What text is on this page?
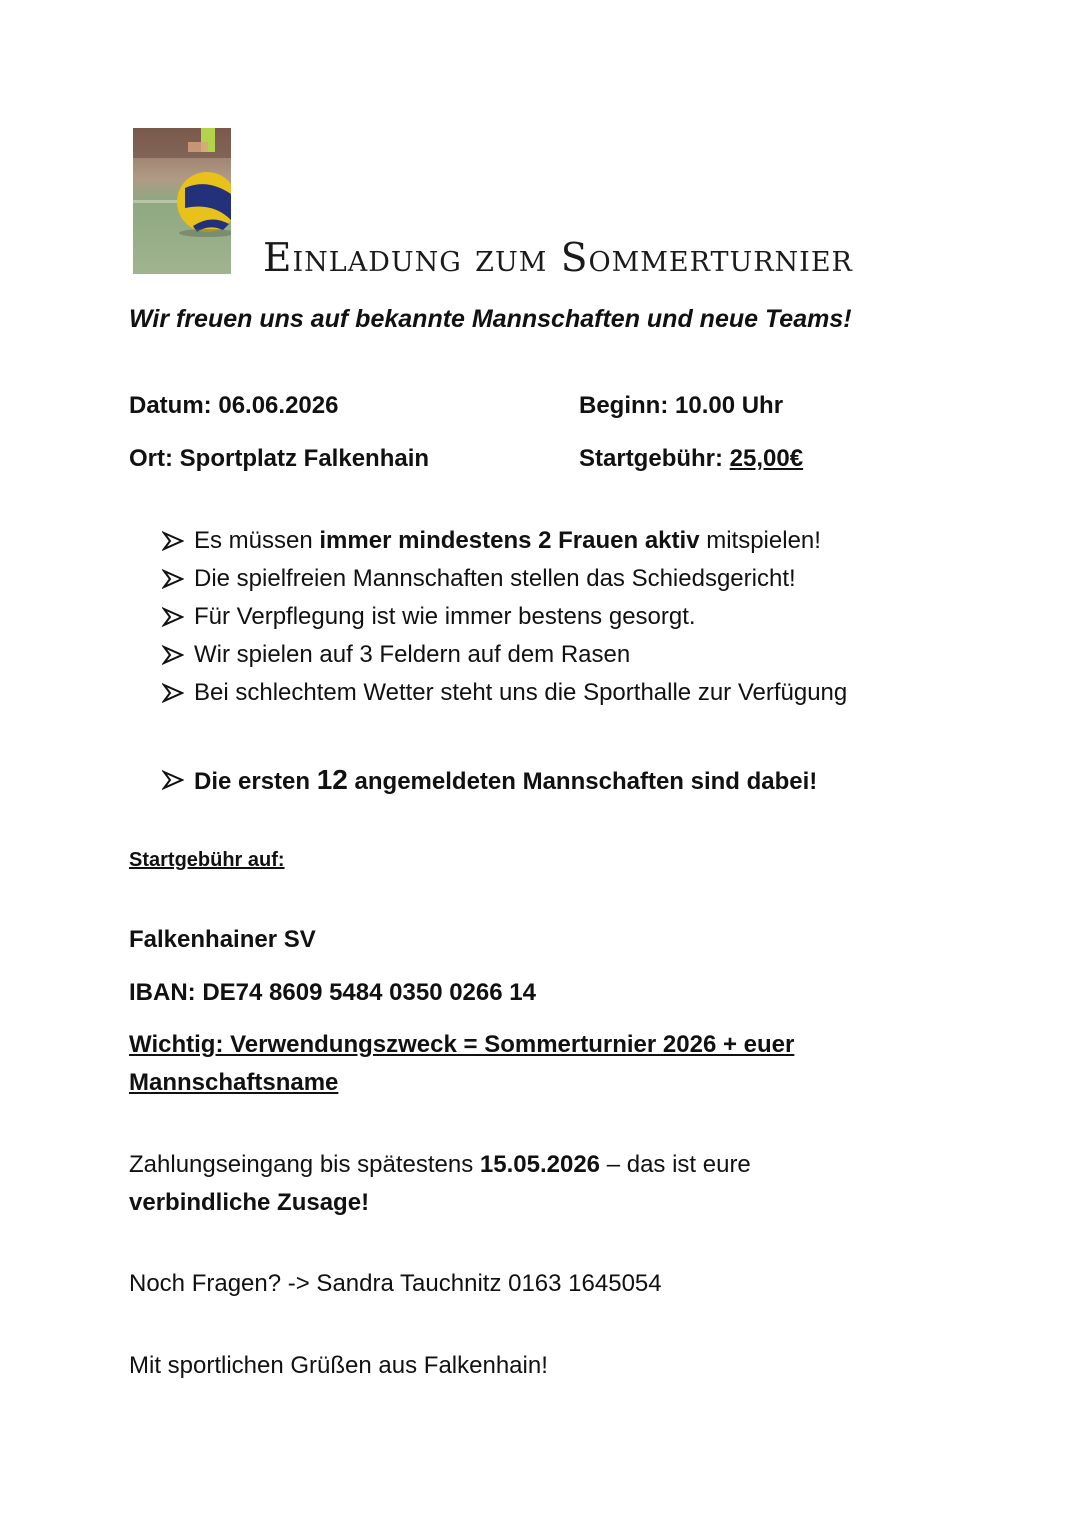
Einladung zum Sommerturnier
Wir freuen uns auf bekannte Mannschaften und neue Teams!
Datum: 06.06.2026	Beginn: 10.00 Uhr
Ort: Sportplatz Falkenhain	Startgebühr: 25,00€
Es müssen immer mindestens 2 Frauen aktiv mitspielen!
Die spielfreien Mannschaften stellen das Schiedsgericht!
Für Verpflegung ist wie immer bestens gesorgt.
Wir spielen auf 3 Feldern auf dem Rasen
Bei schlechtem Wetter steht uns die Sporthalle zur Verfügung
Die ersten 12 angemeldeten Mannschaften sind dabei!
Startgebühr auf:
Falkenhainer SV
IBAN: DE74 8609 5484 0350 0266 14
Wichtig: Verwendungszweck = Sommerturnier 2026 + euer
Mannschaftsname
Zahlungseingang bis spätestens 15.05.2026 – das ist eure
verbindliche Zusage!
Noch Fragen? -> Sandra Tauchnitz 0163 1645054
Mit sportlichen Grüßen aus Falkenhain!
